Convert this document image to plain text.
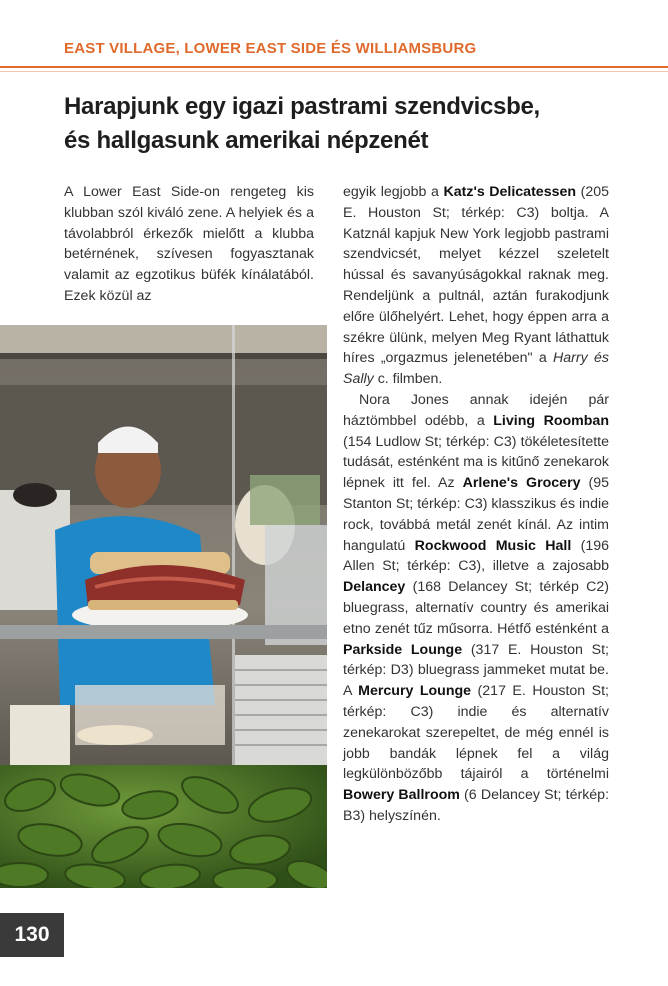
EAST VILLAGE, LOWER EAST SIDE ÉS WILLIAMSBURG
Harapjunk egy igazi pastrami szendvicsbe,
és hallgasunk amerikai népzenét
A Lower East Side-on rengeteg kis klubban szól kiváló zene. A helyiek és a távolabbról érkezők mielőtt a klubba betérnének, szívesen fogyasztanak valamit az egzotikus büfék kínálatából. Ezek közül az

egyik legjobb a Katz's Delicatessen (205 E. Houston St; térkép: C3) boltja. A Katznál kapjuk New York legjobb pastrami szendvicsét, melyet kézzel szeletelt hússal és savanyúságokkal raknak meg. Rendeljünk a pultnál, aztán furakodjunk előre ülőhelyért. Lehet, hogy éppen arra a székre ülünk, melyen Meg Ryant láthattuk híres „orgazmus jelenetében" a Harry és Sally c. filmben.

Nora Jones annak idején pár háztömbbel odébb, a Living Roomban (154 Ludlow St; térkép: C3) tökéletesítette tudását, esténként ma is kitűnő zenekarok lépnek itt fel. Az Arlene's Grocery (95 Stanton St; térkép: C3) klasszikus és indie rock, továbbá metál zenét kínál. Az intim hangulatú Rockwood Music Hall (196 Allen St; térkép: C3), illetve a zajosabb Delancey (168 Delancey St; térkép C2) bluegrass, alternatív country és amerikai etno zenét tűz műsorra. Hétfő esténként a Parkside Lounge (317 E. Houston St; térkép: D3) bluegrass jammeket mutat be. A Mercury Lounge (217 E. Houston St; térkép: C3) indie és alternatív zenekarokat szerepeltet, de még ennél is jobb bandák lépnek fel a világ legkülönbözőbb tájairól a történelmi Bowery Ballroom (6 Delancey St; térkép: B3) helyszínén.

130
